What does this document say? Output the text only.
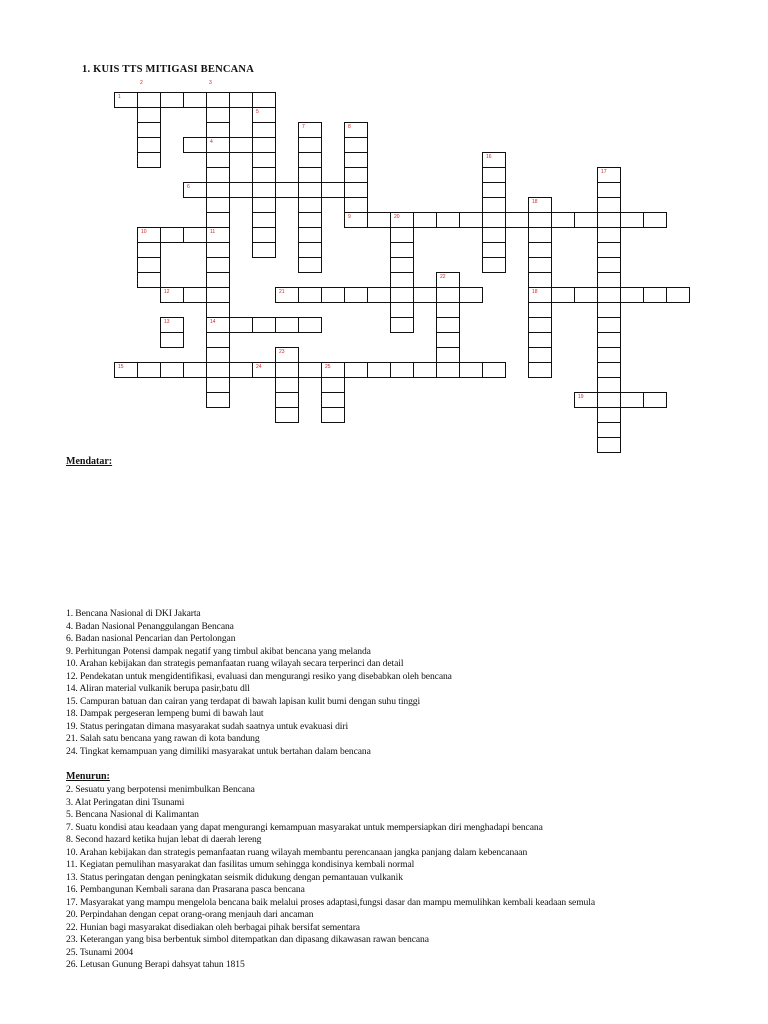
1. KUIS TTS MITIGASI BENCANA
1
4
5
7	8
9
6
16
17
20
18
18
10	11
14
12	21
22
13
15	24	25
23
19
2	3
Mendatar:
1. Bencana Nasional di DKI Jakarta
4. Badan Nasional Penanggulangan Bencana
6. Badan nasional Pencarian dan Pertolongan
9. Perhitungan Potensi dampak negatif yang timbul akibat bencana yang melanda
10. Arahan kebijakan dan strategis pemanfaatan ruang wilayah secara terperinci dan detail
12. Pendekatan untuk mengidentifikasi, evaluasi dan mengurangi resiko yang disebabkan oleh bencana
14. Aliran material vulkanik berupa pasir,batu dll
15. Campuran batuan dan cairan yang terdapat di bawah lapisan kulit bumi dengan suhu tinggi
18. Dampak pergeseran lempeng bumi di bawah laut
19. Status peringatan dimana masyarakat sudah saatnya untuk evakuasi diri
21. Salah satu bencana yang rawan di kota bandung
24. Tingkat kemampuan yang dimiliki masyarakat untuk bertahan dalam bencana
Menurun:
2. Sesuatu yang berpotensi menimbulkan Bencana
3. Alat Peringatan dini Tsunami
5. Bencana Nasional di Kalimantan
7. Suatu kondisi atau keadaan yang dapat mengurangi kemampuan masyarakat untuk mempersiapkan diri menghadapi bencana
8. Second hazard ketika hujan lebat di daerah lereng
10. Arahan kebijakan dan strategis pemanfaatan ruang wilayah membantu perencanaan jangka panjang dalam kebencanaan
11. Kegiatan pemulihan masyarakat dan fasilitas umum sehingga kondisinya kembali normal
13. Status peringatan dengan peningkatan seismik didukung dengan pemantauan vulkanik
16. Pembangunan Kembali sarana dan Prasarana pasca bencana
17. Masyarakat yang mampu mengelola bencana baik melalui proses adaptasi,fungsi dasar dan mampu memulihkan kembali keadaan semula
20. Perpindahan dengan cepat orang-orang menjauh dari ancaman
22. Hunian bagi masyarakat disediakan oleh berbagai pihak bersifat sementara
23. Keterangan yang bisa berbentuk simbol ditempatkan dan dipasang dikawasan rawan bencana
25. Tsunami 2004
26. Letusan Gunung Berapi dahsyat tahun 1815
